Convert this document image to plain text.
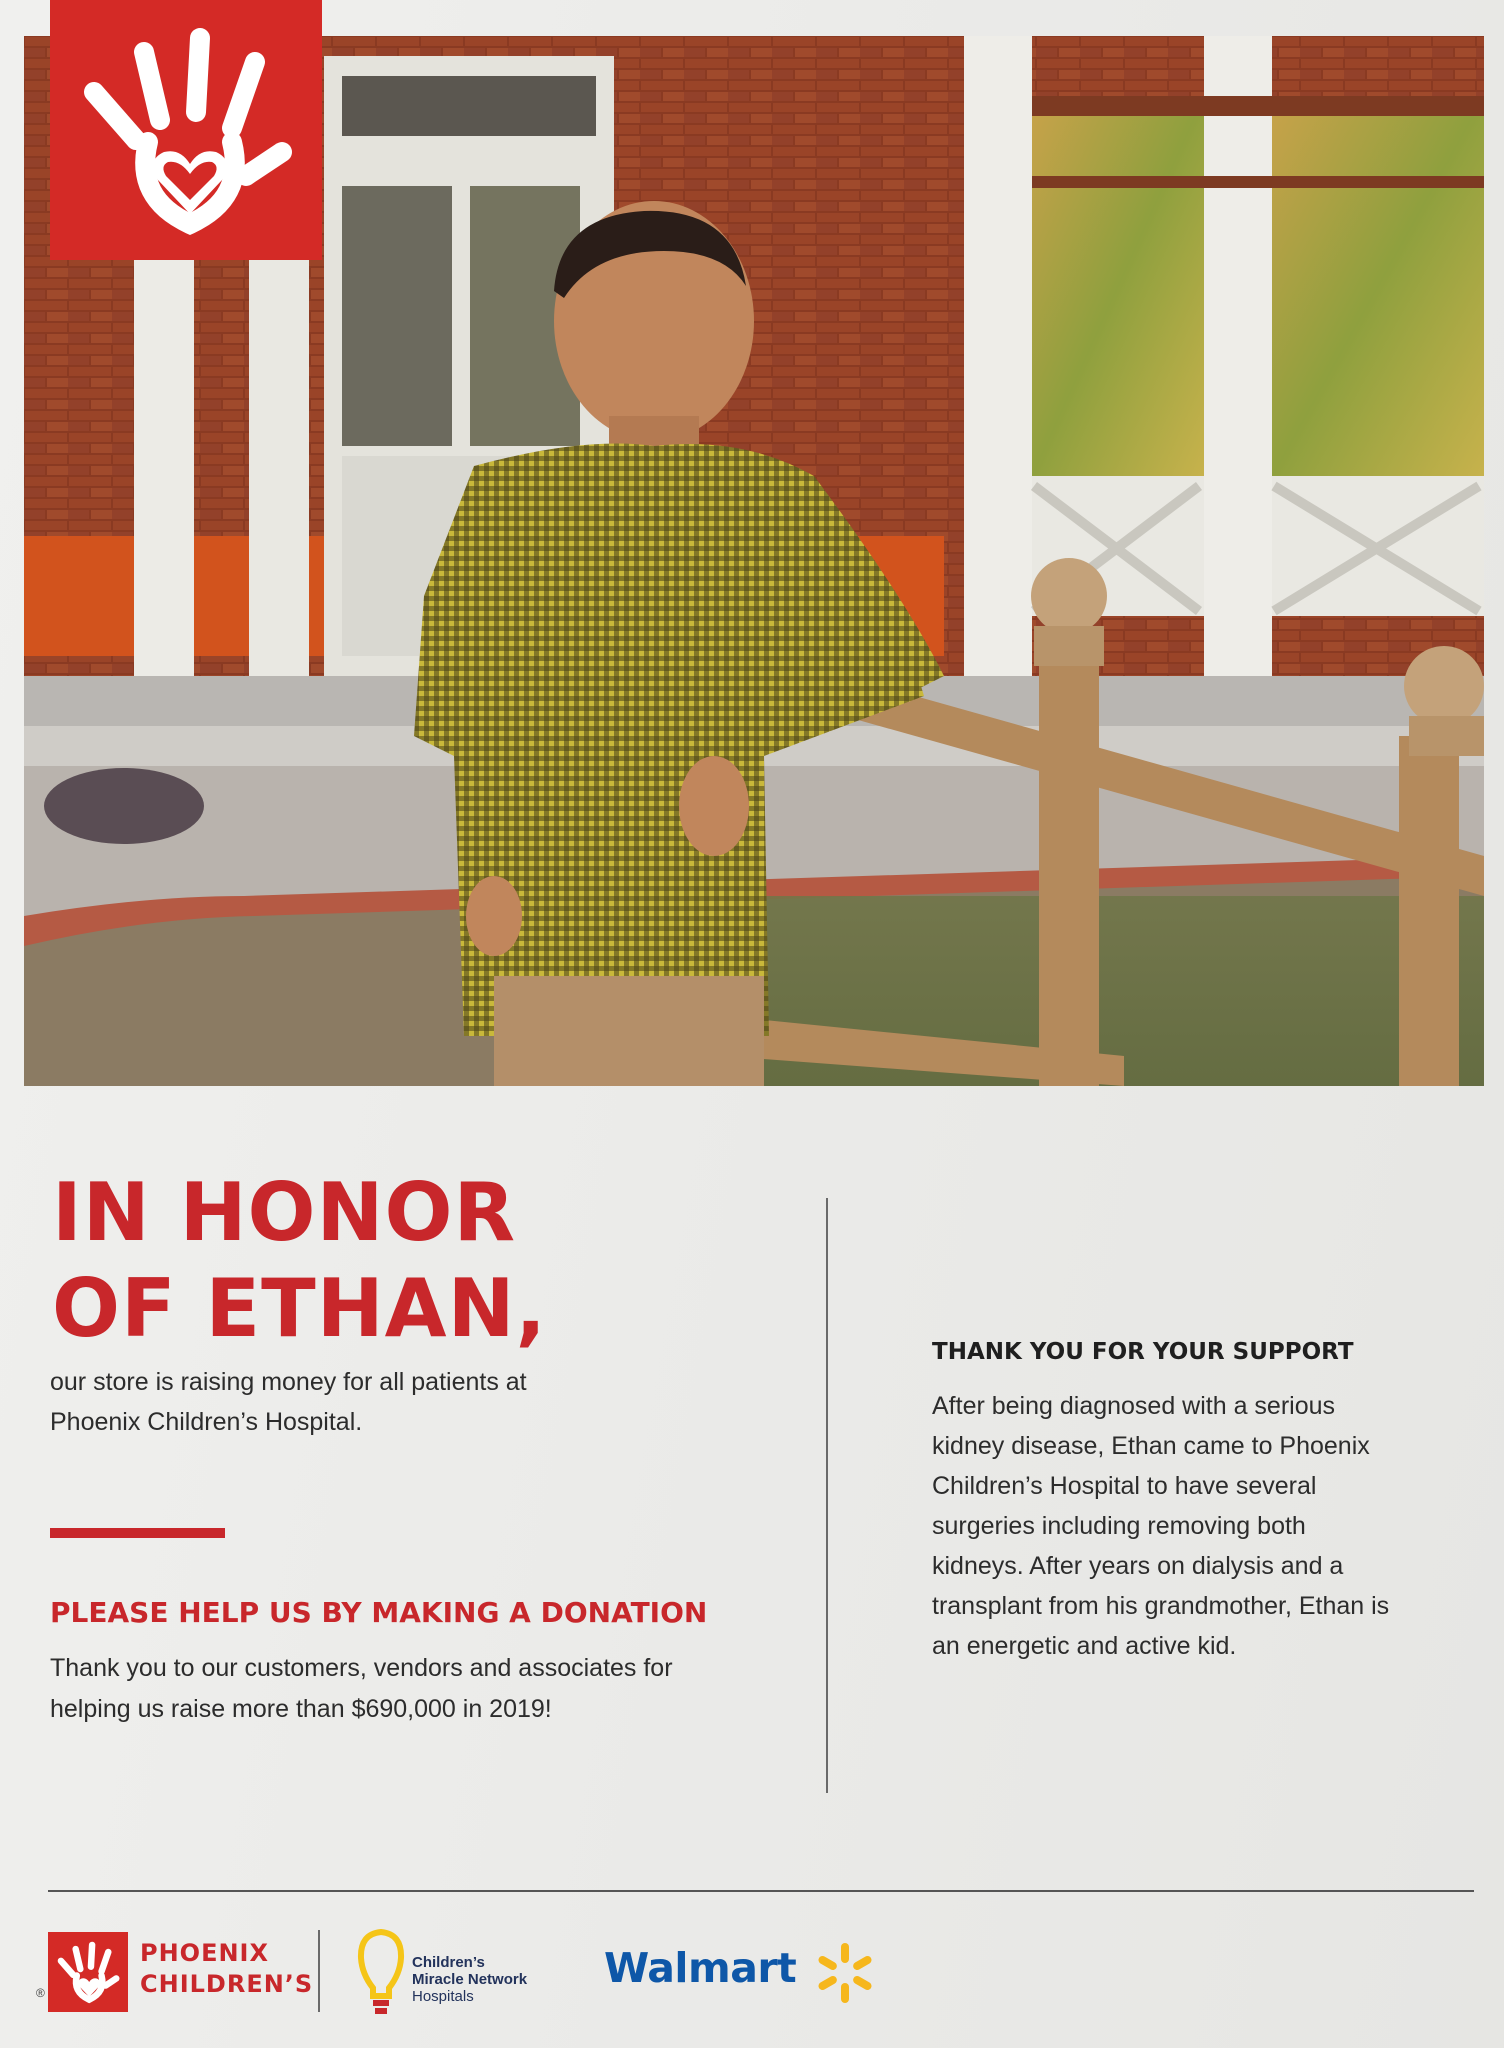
IN HONOR
OF ETHAN,

our store is raising money for all patients at Phoenix Children’s Hospital.

PLEASE HELP US BY MAKING A DONATION

Thank you to our customers, vendors and associates for helping us raise more than $690,000 in 2019!

THANK YOU FOR YOUR SUPPORT

After being diagnosed with a serious kidney disease, Ethan came to Phoenix Children’s Hospital to have several surgeries including removing both kidneys. After years on dialysis and a transplant from his grandmother, Ethan is an energetic and active kid.

®

PHOENIX
CHILDREN’S

Children’s
Miracle Network
Hospitals

Walmart
